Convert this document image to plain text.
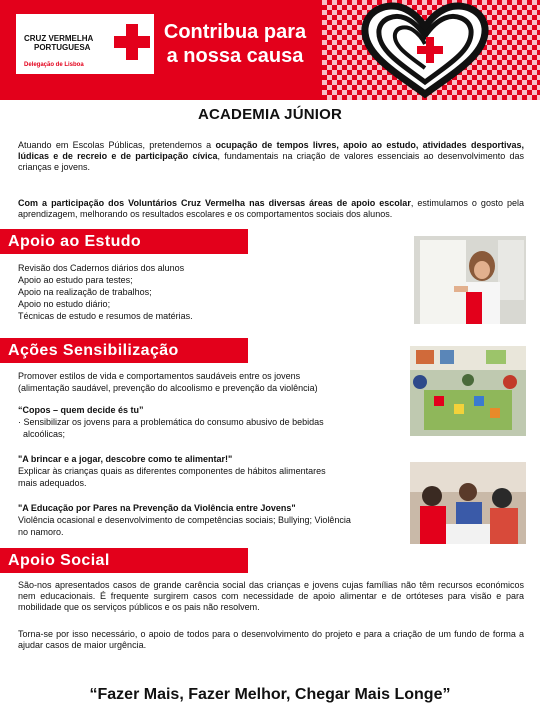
CRUZ VERMELHA
PORTUGUESA
Delegação de Lisboa
Contribua para a nossa causa
ACADEMIA JÚNIOR
Atuando em Escolas Públicas, pretendemos a ocupação de tempos livres, apoio ao estudo, atividades desportivas, lúdicas e de recreio e de participação cívica, fundamentais na criação de valores essenciais ao desenvolvimento das crianças e jovens.
Com a participação dos Voluntários Cruz Vermelha nas diversas áreas de apoio escolar, estimulamos o gosto pela aprendizagem, melhorando os resultados escolares e os comportamentos sociais dos alunos.
Apoio ao Estudo
Revisão dos Cadernos diários dos alunos
Apoio ao estudo para testes;
Apoio na realização de trabalhos;
Apoio no estudo diário;
Técnicas de estudo e resumos de matérias.
Ações Sensibilização
Promover estilos de vida e comportamentos saudáveis entre os jovens
(alimentação saudável, prevenção do alcoolismo e prevenção da violência)
“Copos – quem decide és tu”
· Sensibilizar os jovens para a problemática do consumo abusivo de bebidas
alcoólicas;
"A brincar e a jogar, descobre como te alimentar!"
Explicar às crianças quais as diferentes componentes de hábitos alimentares
mais adequados.
"A Educação por Pares na Prevenção da Violência entre Jovens"
Violência ocasional e desenvolvimento de competências sociais; Bullying; Violência
no namoro.
Apoio Social
São-nos apresentados casos de grande carência social das crianças e jovens cujas famílias não têm recursos económicos nem educacionais. É frequente surgirem casos com necessidade de apoio alimentar e de ortóteses para visão e para mobilidade que os serviços públicos e os pais não resolvem.
Torna-se por isso necessário, o apoio de todos para o desenvolvimento do projeto e para a criação de um fundo de forma a ajudar casos de maior urgência.
“Fazer Mais, Fazer Melhor, Chegar Mais Longe”
